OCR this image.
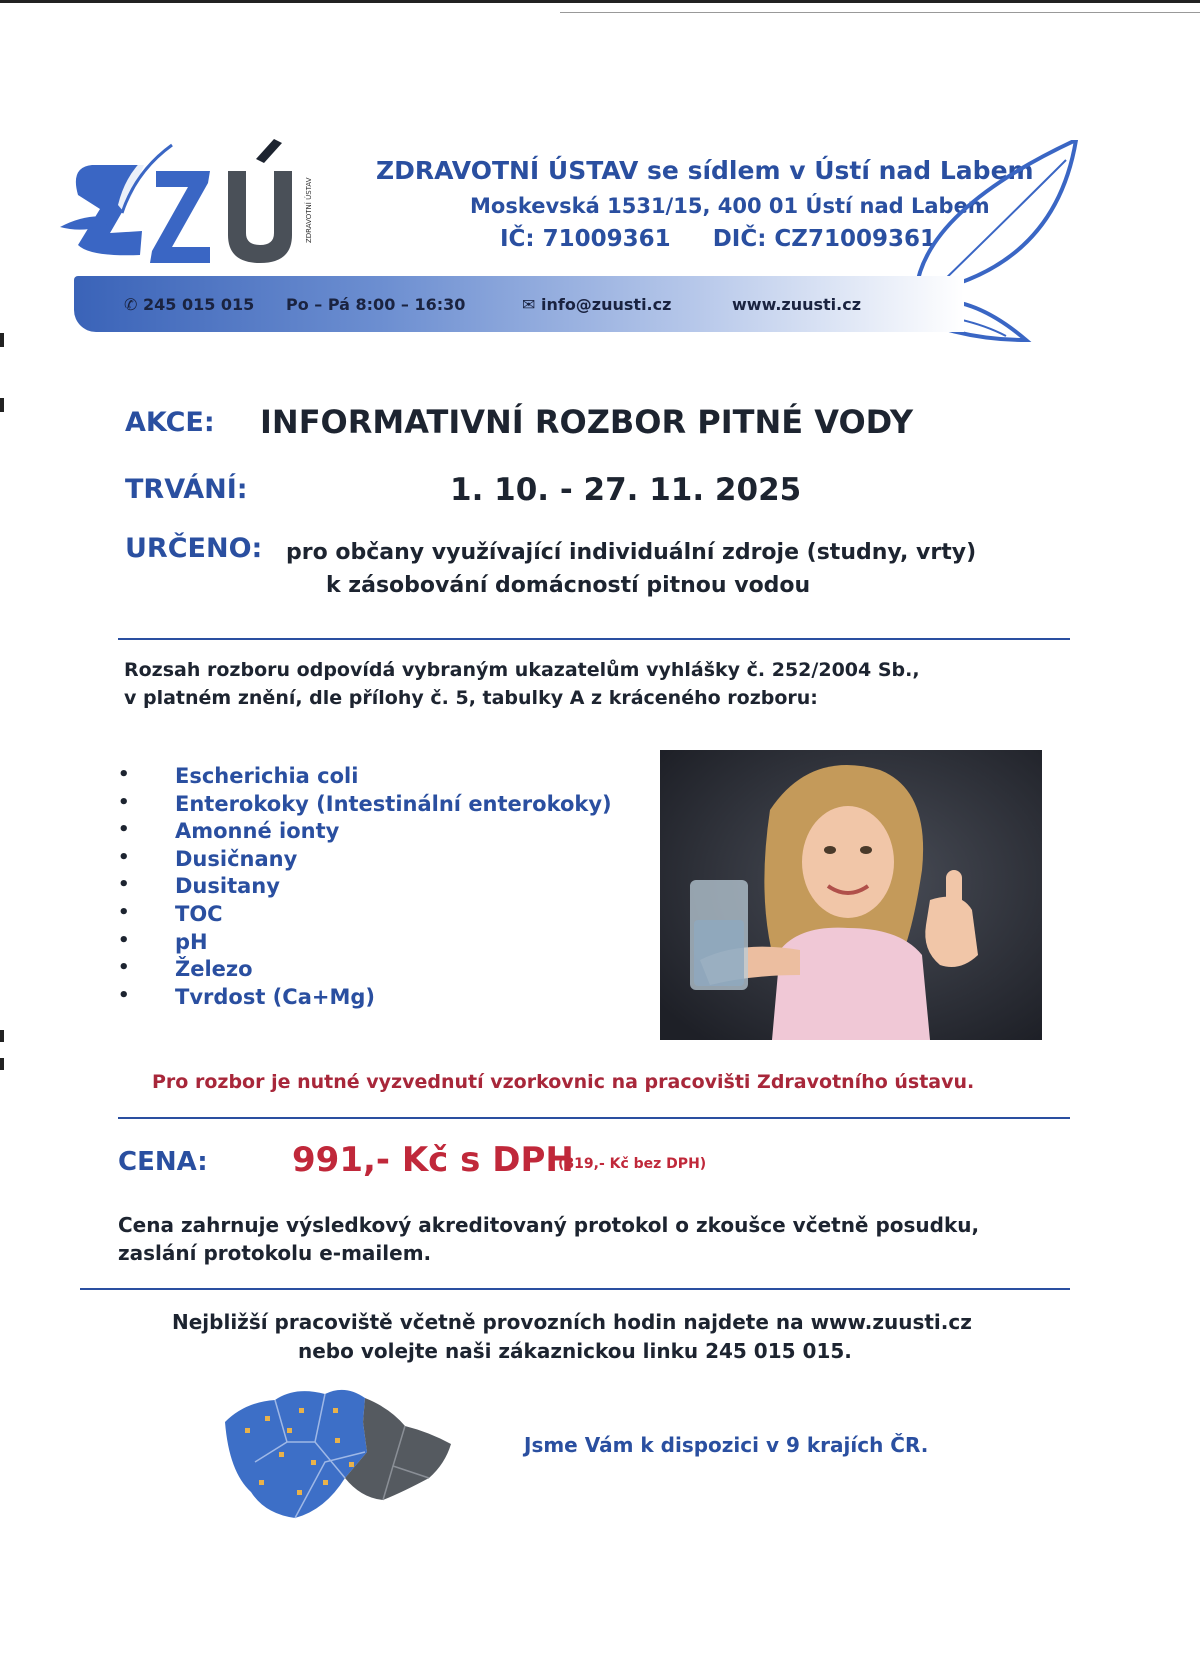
ZDRAVOTNÍ ÚSTAV
ZDRAVOTNÍ ÚSTAV se sídlem v Ústí nad Labem
Moskevská 1531/15, 400 01 Ústí nad Labem
IČ: 71009361 DIČ: CZ71009361
✆ 245 015 015 Po – Pá 8:00 – 16:30	✉ info@zuusti.cz	www.zuusti.cz
AKCE: INFORMATIVNÍ ROZBOR PITNÉ VODY
TRVÁNÍ:	1. 10. - 27. 11. 2025
URČENO: pro občany využívající individuální zdroje (studny, vrty)
k zásobování domácností pitnou vodou
Rozsah rozboru odpovídá vybraným ukazatelům vyhlášky č. 252/2004 Sb.,
v platném znění, dle přílohy č. 5, tabulky A z kráceného rozboru:
• Escherichia coli
• Enterokoky (Intestinální enterokoky)
• Amonné ionty
• Dusičnany
• Dusitany
• TOC
• pH
• Železo
• Tvrdost (Ca+Mg)
Pro rozbor je nutné vyzvednutí vzorkovnic na pracovišti Zdravotního ústavu.
CENA: 991,- Kč s DPH
(819,- Kč bez DPH)
Cena zahrnuje výsledkový akreditovaný protokol o zkoušce včetně posudku,
zaslání protokolu e-mailem.
Nejbližší pracoviště včetně provozních hodin najdete na www.zuusti.cz
nebo volejte naši zákaznickou linku 245 015 015.
Jsme Vám k dispozici v 9 krajích ČR.
